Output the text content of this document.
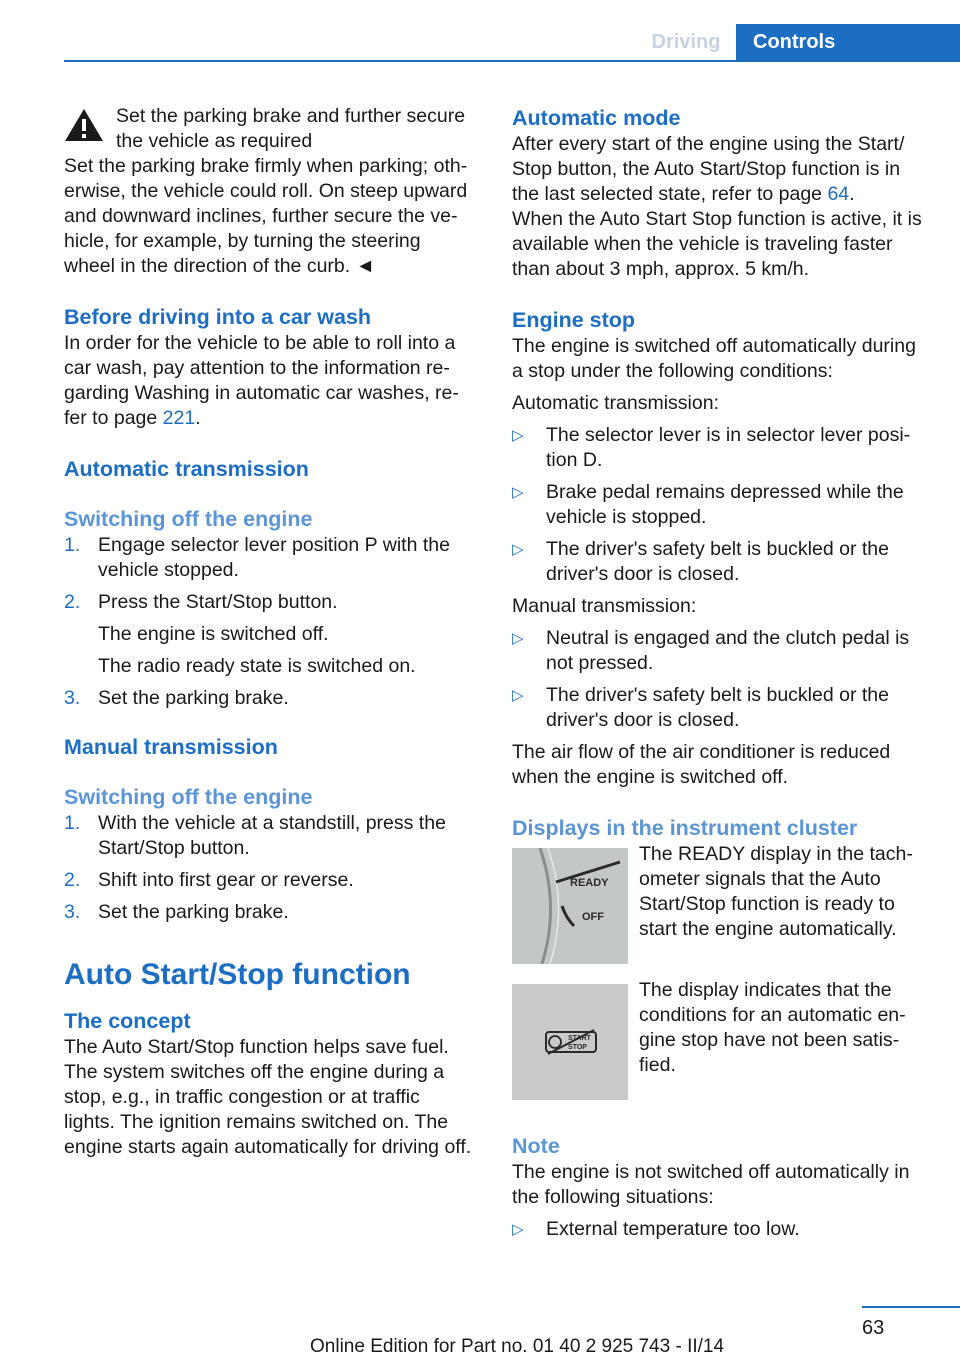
Driving	Controls

Set the parking brake and further secure the vehicle as required

Set the parking brake firmly when parking; otherwise, the vehicle could roll. On steep upward and downward inclines, further secure the vehicle, for example, by turning the steering wheel in the direction of the curb. ◄

Before driving into a car wash

In order for the vehicle to be able to roll into a car wash, pay attention to the information regarding Washing in automatic car washes, refer to page 221.

Automatic transmission
Switching off the engine
1. Engage selector lever position P with the vehicle stopped.
2. Press the Start/Stop button.
The engine is switched off.
The radio ready state is switched on.
3. Set the parking brake.
Manual transmission
Switching off the engine
1. With the vehicle at a standstill, press the Start/Stop button.
2. Shift into first gear or reverse.
3. Set the parking brake.
Auto Start/Stop function
The concept

The Auto Start/Stop function helps save fuel. The system switches off the engine during a stop, e.g., in traffic congestion or at traffic lights. The ignition remains switched on. The engine starts again automatically for driving off.

Automatic mode

After every start of the engine using the Start/ Stop button, the Auto Start/Stop function is in the last selected state, refer to page 64.

When the Auto Start Stop function is active, it is available when the vehicle is traveling faster than about 3 mph, approx. 5 km/h.

Engine stop

The engine is switched off automatically during a stop under the following conditions:

Automatic transmission:

▷ The selector lever is in selector lever position D.
▷ Brake pedal remains depressed while the vehicle is stopped.
▷ The driver's safety belt is buckled or the driver's door is closed.

Manual transmission:

▷ Neutral is engaged and the clutch pedal is not pressed.
▷ The driver's safety belt is buckled or the driver's door is closed.

The air flow of the air conditioner is reduced when the engine is switched off.

Displays in the instrument cluster
READY
OFF

The READY display in the tachometer signals that the Auto Start/Stop function is ready to start the engine automatically.

START
STOP

The display indicates that the conditions for an automatic engine stop have not been satisfied.

Note

The engine is not switched off automatically in the following situations:

▷ External temperature too low.
63
Online Edition for Part no. 01 40 2 925 743 - II/14
